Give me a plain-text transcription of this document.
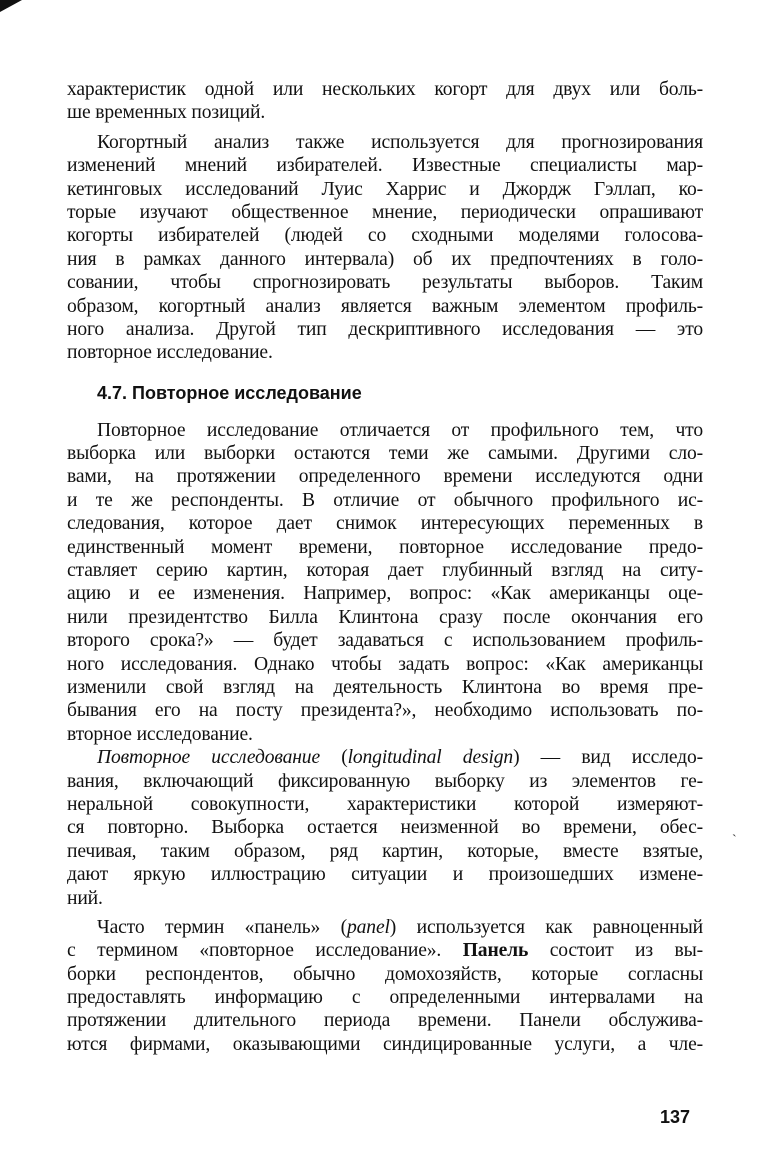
характеристик одной или нескольких когорт для двух или боль-
ше временных позиций.
Когортный анализ также используется для прогнозирования
изменений мнений избирателей. Известные специалисты мар-
кетинговых исследований Луис Харрис и Джордж Гэллап, ко-
торые изучают общественное мнение, периодически опрашивают
когорты избирателей (людей со сходными моделями голосова-
ния в рамках данного интервала) об их предпочтениях в голо-
совании, чтобы спрогнозировать результаты выборов. Таким
образом, когортный анализ является важным элементом профиль-
ного анализа. Другой тип дескриптивного исследования — это
повторное исследование.
4.7. Повторное исследование
Повторное исследование отличается от профильного тем, что
выборка или выборки остаются теми же самыми. Другими сло-
вами, на протяжении определенного времени исследуются одни
и те же респонденты. В отличие от обычного профильного ис-
следования, которое дает снимок интересующих переменных в
единственный момент времени, повторное исследование предо-
ставляет серию картин, которая дает глубинный взгляд на ситу-
ацию и ее изменения. Например, вопрос: «Как американцы оце-
нили президентство Билла Клинтона сразу после окончания его
второго срока?» — будет задаваться с использованием профиль-
ного исследования. Однако чтобы задать вопрос: «Как американцы
изменили свой взгляд на деятельность Клинтона во время пре-
бывания его на посту президента?», необходимо использовать по-
вторное исследование.
Повторное исследование (longitudinal design) — вид исследо-
вания, включающий фиксированную выборку из элементов ге-
неральной совокупности, характеристики которой измеряют-
ся повторно. Выборка остается неизменной во времени, обес-
печивая, таким образом, ряд картин, которые, вместе взятые,
дают яркую иллюстрацию ситуации и произошедших измене-
ний.
Часто термин «панель» (panel) используется как равноценный
с термином «повторное исследование». Панель состоит из вы-
борки респондентов, обычно домохозяйств, которые согласны
предоставлять информацию с определенными интервалами на
протяжении длительного периода времени. Панели обслужива-
ются фирмами, оказывающими синдицированные услуги, а чле-
`
137
